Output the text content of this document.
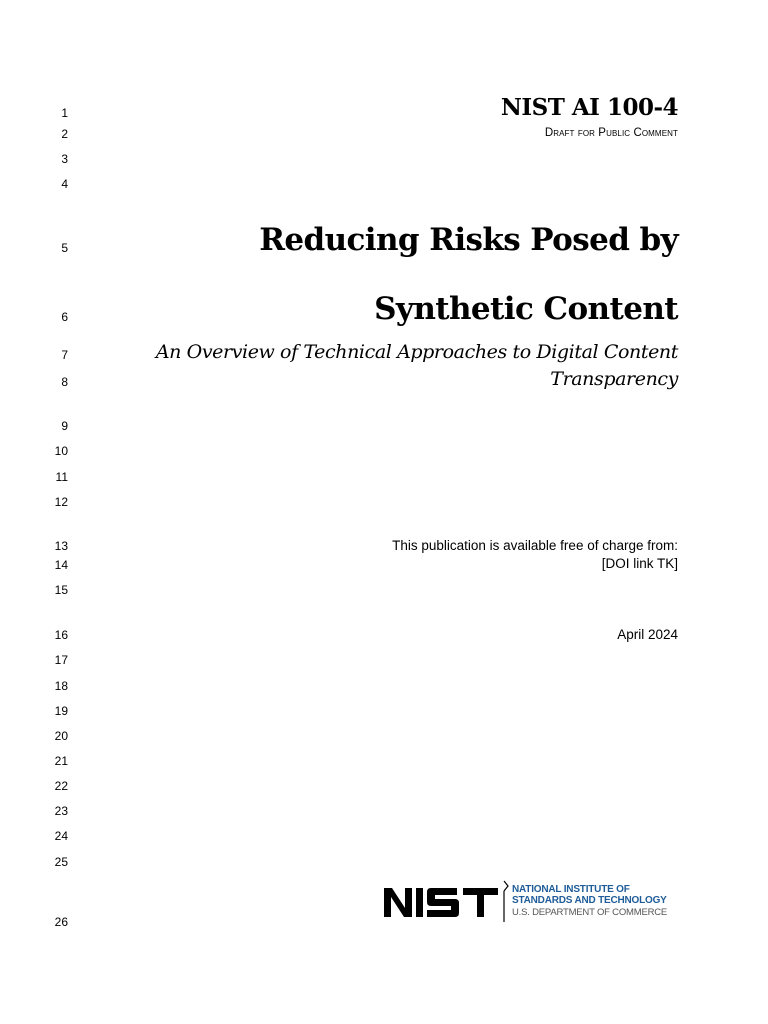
1
2
3
4
5
6
7
8
9
10
11
12
13
14
15
16
17
18
19
20
21
22
23
24
25
26
NIST AI 100-4
Draft for Public Comment
Reducing Risks Posed by
Synthetic Content
An Overview of Technical Approaches to Digital Content
Transparency
This publication is available free of charge from:
[DOI link TK]
April 2024
NATIONAL INSTITUTE OF
STANDARDS AND TECHNOLOGY
U.S. DEPARTMENT OF COMMERCE
